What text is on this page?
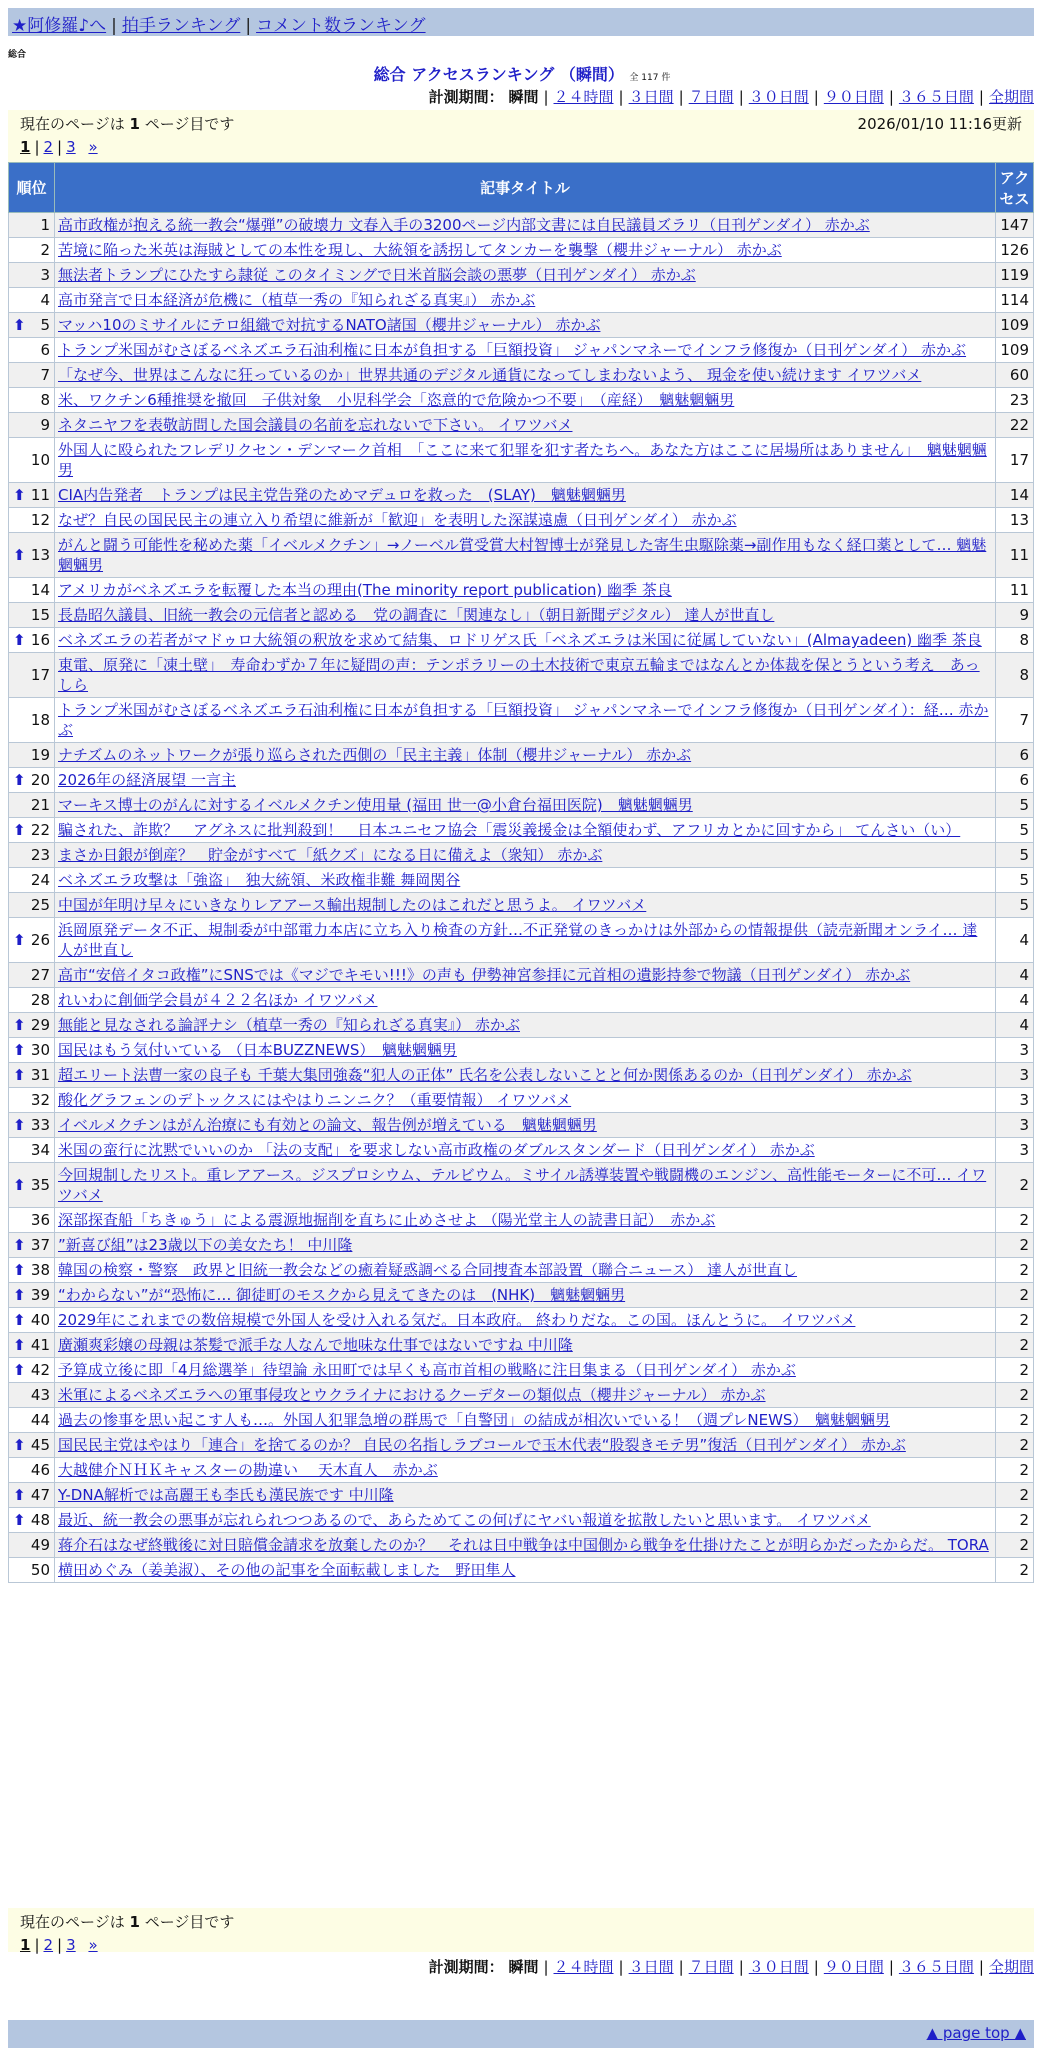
★阿修羅♪へ | 拍手ランキング | コメント数ランキング
総合
総合 アクセスランキング （瞬間） 全 117 件
計測期間： 瞬間 | ２４時間 | ３日間 | ７日間 | ３０日間 | ９０日間 | ３６５日間 | 全期間
現在のページは 1 ページ目です	2026/01/10 11:16更新
1 | 2 | 3 »
順位	記事タイトル	アクセス
1	高市政権が抱える統一教会“爆弾”の破壊力 文春入手の3200ページ内部文書には自民議員ズラリ（日刊ゲンダイ） 赤かぶ	147
2	苦境に陥った米英は海賊としての本性を現し、大統領を誘拐してタンカーを襲撃（櫻井ジャーナル） 赤かぶ	126
3	無法者トランプにひたすら隷従 このタイミングで日米首脳会談の悪夢（日刊ゲンダイ） 赤かぶ	119
4	高市発言で日本経済が危機に（植草一秀の『知られざる真実』） 赤かぶ	114

⬆ 5	マッハ10のミサイルにテロ組織で対抗するNATO諸国（櫻井ジャーナル） 赤かぶ	109
6	トランプ米国がむさぼるベネズエラ石油利権に日本が負担する「巨額投資」 ジャパンマネーでインフラ修復か（日刊ゲンダイ） 赤かぶ	109
7	「なぜ今、世界はこんなに狂っているのか」世界共通のデジタル通貨になってしまわないよう、 現金を使い続けます イワツバメ	60
8	米、ワクチン6種推奨を撤回　子供対象　小児科学会「恣意的で危険かつ不要」　（産経）　魑魅魍魎男	23
9	ネタニヤフを表敬訪問した国会議員の名前を忘れないで下さい。 イワツバメ	22
10	外国人に殴られたフレデリクセン・デンマーク首相　「ここに来て犯罪を犯す者たちへ。あなた方はここに居場所はありません」　魑魅魍魎男	17

⬆ 11	CIA内告発者　トランプは民主党告発のためマデュロを救った　(SLAY)　魑魅魍魎男	14
12	なぜ？自民の国民民主の連立入り希望に維新が「歓迎」を表明した深謀遠慮（日刊ゲンダイ） 赤かぶ	13

⬆ 13	がんと闘う可能性を秘めた薬「イベルメクチン」→ノーベル賞受賞大村智博士が発見した寄生虫駆除薬→副作用もなく経口薬として… 魑魅魍魎男	11
14	アメリカがベネズエラを転覆した本当の理由(The minority report publication) 幽季 茶良	11
15	長島昭久議員、旧統一教会の元信者と認める　党の調査に「関連なし」（朝日新聞デジタル） 達人が世直し	9

⬆ 16	ベネズエラの若者がマドゥロ大統領の釈放を求めて結集、ロドリゲス氏「ベネズエラは米国に従属していない」(Almayadeen) 幽季 茶良	8
17	東電、原発に「凍土壁」　寿命わずか７年に疑問の声：テンポラリーの土木技術で東京五輪まではなんとか体裁を保とうという考え　あっしら	8
18	トランプ米国がむさぼるベネズエラ石油利権に日本が負担する「巨額投資」 ジャパンマネーでインフラ修復か（日刊ゲンダイ）：経… 赤かぶ	7
19	ナチズムのネットワークが張り巡らされた西側の「民主主義」体制（櫻井ジャーナル） 赤かぶ	6

⬆ 20	2026年の経済展望 一言主	6
21	マーキス博士のがんに対するイベルメクチン使用量 (福田 世一@小倉台福田医院)　魑魅魍魎男	5

⬆ 22	騙された、詐欺？　アグネスに批判殺到！　日本ユニセフ協会「震災義援金は全額使わず、アフリカとかに回すから」 てんさい（い）	5
23	まさか日銀が倒産？　貯金がすべて「紙クズ」になる日に備えよ（衆知） 赤かぶ	5
24	ベネズエラ攻撃は「強盗」　独大統領、米政権非難 舞岡関谷	5
25	中国が年明け早々にいきなりレアアース輸出規制したのはこれだと思うよ。 イワツバメ	5

⬆ 26	浜岡原発データ不正、規制委が中部電力本店に立ち入り検査の方針…不正発覚のきっかけは外部からの情報提供（読売新聞オンライ… 達人が世直し	4
27	高市“安倍イタコ政権”にSNSでは《マジでキモい!!!》の声も 伊勢神宮参拝に元首相の遺影持参で物議（日刊ゲンダイ） 赤かぶ	4
28	れいわに創価学会員が４２２名ほか イワツバメ	4

⬆ 29	無能と見なされる論評ナシ（植草一秀の『知られざる真実』） 赤かぶ	4

⬆ 30	国民はもう気付いている （日本BUZZNEWS）　魑魅魍魎男	3

⬆ 31	超エリート法曹一家の良子も 千葉大集団強姦“犯人の正体” 氏名を公表しないことと何か関係あるのか（日刊ゲンダイ） 赤かぶ	3
32	酸化グラフェンのデトックスにはやはりニンニク？（重要情報） イワツバメ	3

⬆ 33	イベルメクチンはがん治療にも有効との論文、報告例が増えている　魑魅魍魎男	3
34	米国の蛮行に沈黙でいいのか 「法の支配」を要求しない高市政権のダブルスタンダード（日刊ゲンダイ） 赤かぶ	3

⬆ 35	今回規制したリスト。重レアアース。ジスプロシウム、テルビウム。ミサイル誘導装置や戦闘機のエンジン、高性能モーターに不可… イワツバメ	2
36	深部探査船「ちきゅう」による震源地掘削を直ちに止めさせよ （陽光堂主人の読書日記）　赤かぶ	2

⬆ 37	”新喜び組”は23歳以下の美女たち！ 中川隆	2

⬆ 38	韓国の検察・警察　政界と旧統一教会などの癒着疑惑調べる合同捜査本部設置（聯合ニュース） 達人が世直し	2

⬆ 39	“わからない”が“恐怖に… 御徒町のモスクから見えてきたのは　(NHK)　魑魅魍魎男	2

⬆ 40	2029年にこれまでの数倍規模で外国人を受け入れる気だ。日本政府。 終わりだな。この国。ほんとうに。 イワツバメ	2

⬆ 41	廣瀬爽彩嬢の母親は茶髪で派手な人なんで地味な仕事ではないですね 中川隆	2

⬆ 42	予算成立後に即「4月総選挙」待望論 永田町では早くも高市首相の戦略に注目集まる（日刊ゲンダイ） 赤かぶ	2
43	米軍によるベネズエラへの軍事侵攻とウクライナにおけるクーデターの類似点（櫻井ジャーナル） 赤かぶ	2
44	過去の惨事を思い起こす人も…。外国人犯罪急増の群馬で「自警団」の結成が相次いでいる！（週プレNEWS）　魑魅魍魎男	2

⬆ 45	国民民主党はやはり「連合」を捨てるのか？ 自民の名指しラブコールで玉木代表“股裂きモテ男”復活（日刊ゲンダイ） 赤かぶ	2
46	大越健介ＮＨＫキャスターの勘違い　 天木直人　赤かぶ	2

⬆ 47	Y-DNA解析では高麗王も李氏も漢民族です 中川隆	2

⬆ 48	最近、統一教会の悪事が忘れられつつあるので、あらためてこの何げにヤバい報道を拡散したいと思います。 イワツバメ	2
49	蒋介石はなぜ終戦後に対日賠償金請求を放棄したのか？　それは日中戦争は中国側から戦争を仕掛けたことが明らかだったからだ。 TORA	2
50	横田めぐみ（姜美淑）、その他の記事を全面転載しました　野田隼人	2
現在のページは 1 ページ目です
1 | 2 | 3 »
計測期間： 瞬間 | ２４時間 | ３日間 | ７日間 | ３０日間 | ９０日間 | ３６５日間 | 全期間
▲ page top ▲
